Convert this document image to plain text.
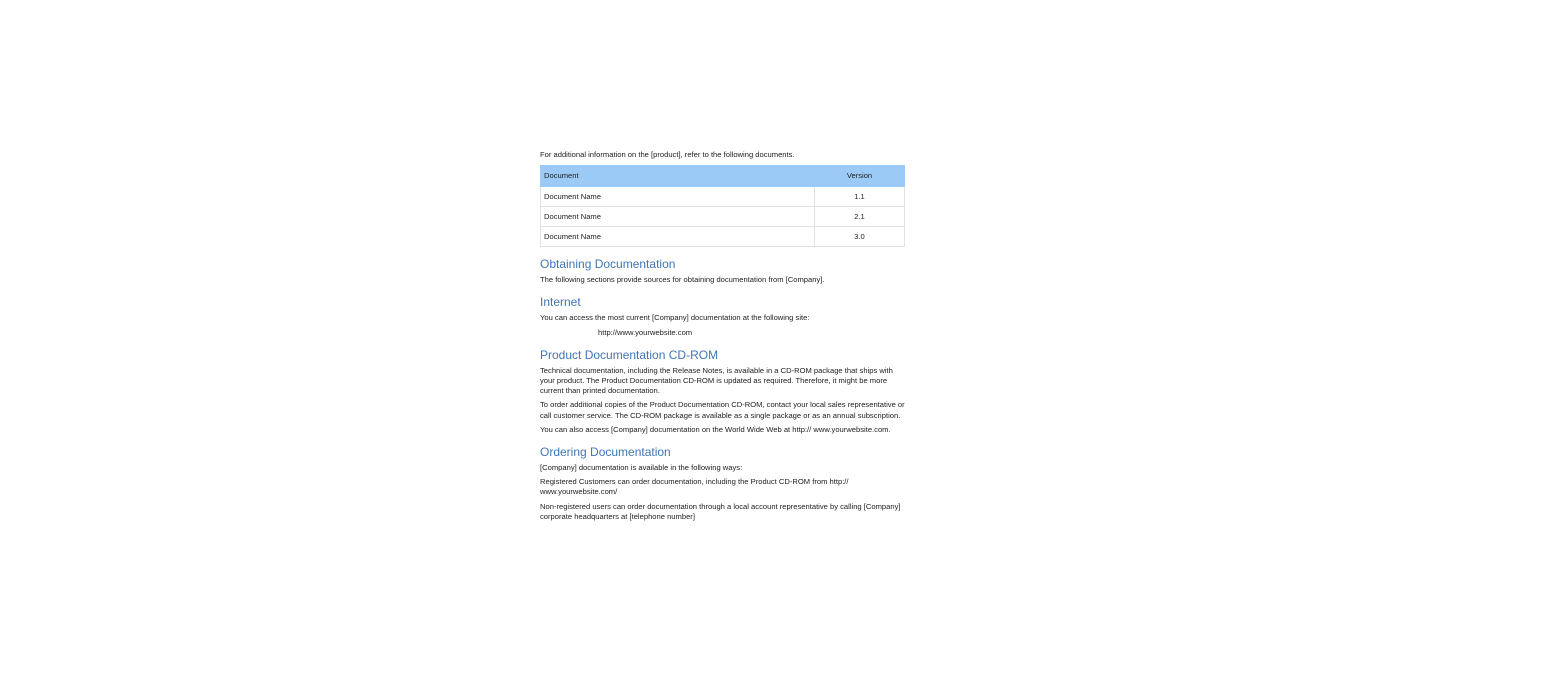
For additional information on the [product], refer to the following documents.

Document	Version
Document Name	1.1
Document Name	2.1
Document Name	3.0
Obtaining Documentation

The following sections provide sources for obtaining documentation from [Company].

Internet

You can access the most current [Company] documentation at the following site:

http://www.yourwebsite.com

Product Documentation CD-ROM

Technical documentation, including the Release Notes, is available in a CD-ROM package that ships with your product. The Product Documentation CD-ROM is updated as required. Therefore, it might be more current than printed documentation.

To order additional copies of the Product Documentation CD-ROM, contact your local sales representative or call customer service. The CD-ROM package is available as a single package or as an annual subscription.

You can also access [Company] documentation on the World Wide Web at http:// www.yourwebsite.com.

Ordering Documentation

[Company] documentation is available in the following ways:

Registered Customers can order documentation, including the Product CD-ROM from http:// www.yourwebsite.com/

Non-registered users can order documentation through a local account representative by calling [Company] corporate headquarters at [telephone number]
